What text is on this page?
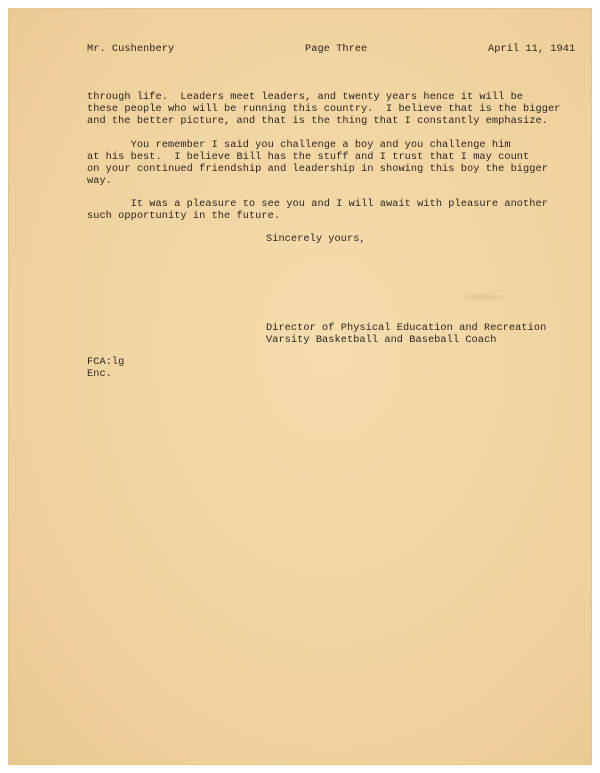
Mr. Cushenbery	Page Three	April 11, 1941
through life.  Leaders meet leaders, and twenty years hence it will be
these people who will be running this country.  I believe that is the bigger
and the better picture, and that is the thing that I constantly emphasize.
You remember I said you challenge a boy and you challenge him
at his best.  I believe Bill has the stuff and I trust that I may count
on your continued friendship and leadership in showing this boy the bigger
way.
It was a pleasure to see you and I will await with pleasure another
such opportunity in the future.
Sincerely yours,
Director of Physical Education and Recreation
Varsity Basketball and Baseball Coach
FCA:lg
Enc.
